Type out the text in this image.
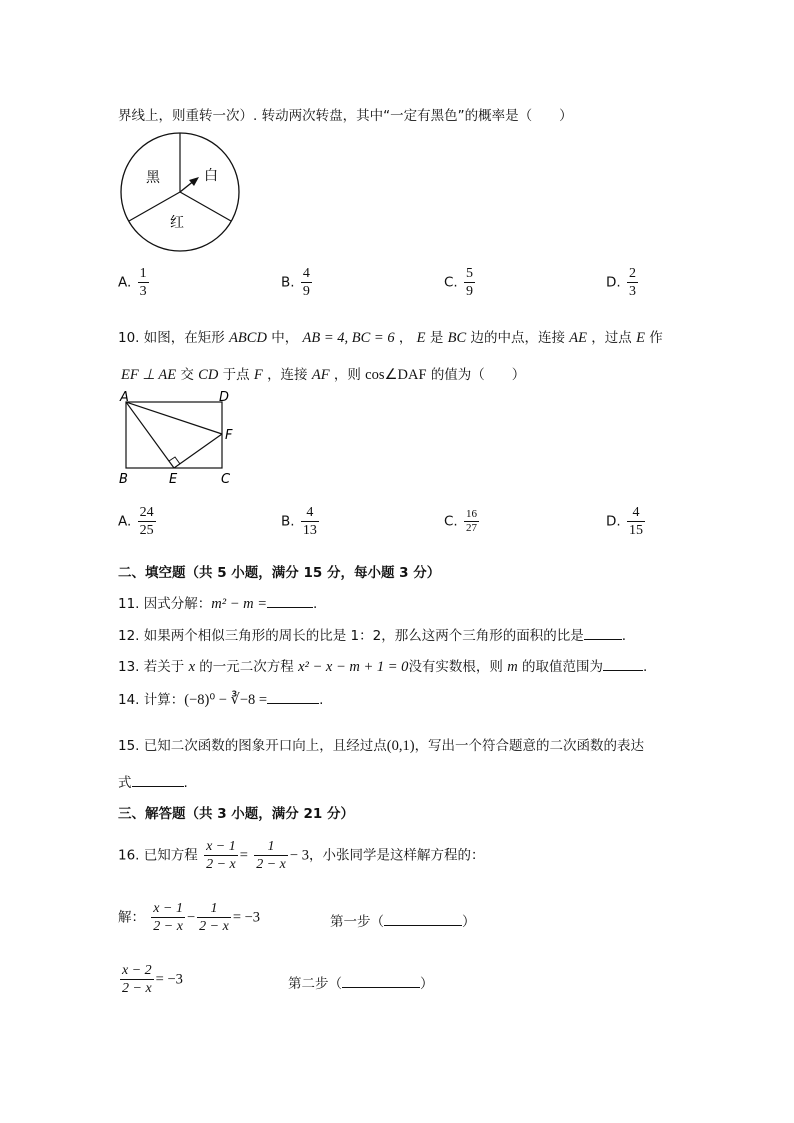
界线上，则重转一次）. 转动两次转盘，其中“一定有黑色”的概率是（　　）
黑	白
红
A. $\frac{1}{3}$	B. $\frac{4}{9}$	C. $\frac{5}{9}$	D. $\frac{2}{3}$
10. 如图，在矩形 ABCD 中， AB = 4, BC = 6 ， E 是 BC 边的中点，连接 AE ，过点 E 作
EF ⊥ AE 交 CD 于点 F ，连接 AF ，则 cos∠DAF 的值为（　　）
A	D
F
B	E	C
A. $\frac{24}{25}$	B. $\frac{4}{13}$	C. $\frac{16}{27}$	D. $\frac{4}{15}$
二、填空题（共 5 小题，满分 15 分，每小题 3 分）
11. 因式分解：m² − m =	.
12. 如果两个相似三角形的周长的比是 1：2，那么这两个三角形的面积的比是	.
13. 若关于 x 的一元二次方程 x² − x − m + 1 = 0没有实数根，则 m 的取值范围为	.
14. 计算：(−8)⁰ − ∛−8 =	.
15. 已知二次函数的图象开口向上，且经过点(0,1)，写出一个符合题意的二次函数的表达
式	.
三、解答题（共 3 小题，满分 21 分）
16. 已知方程 $\frac{x - 1}{2 - x} = \frac{1}{2 - x} - 3$，小张同学是这样解方程的：
解： $\frac{x - 1}{2 - x} - \frac{1}{2 - x} = -3$	第一步（	）
$\frac{x - 2}{2 - x} = -3$	第二步（	）
